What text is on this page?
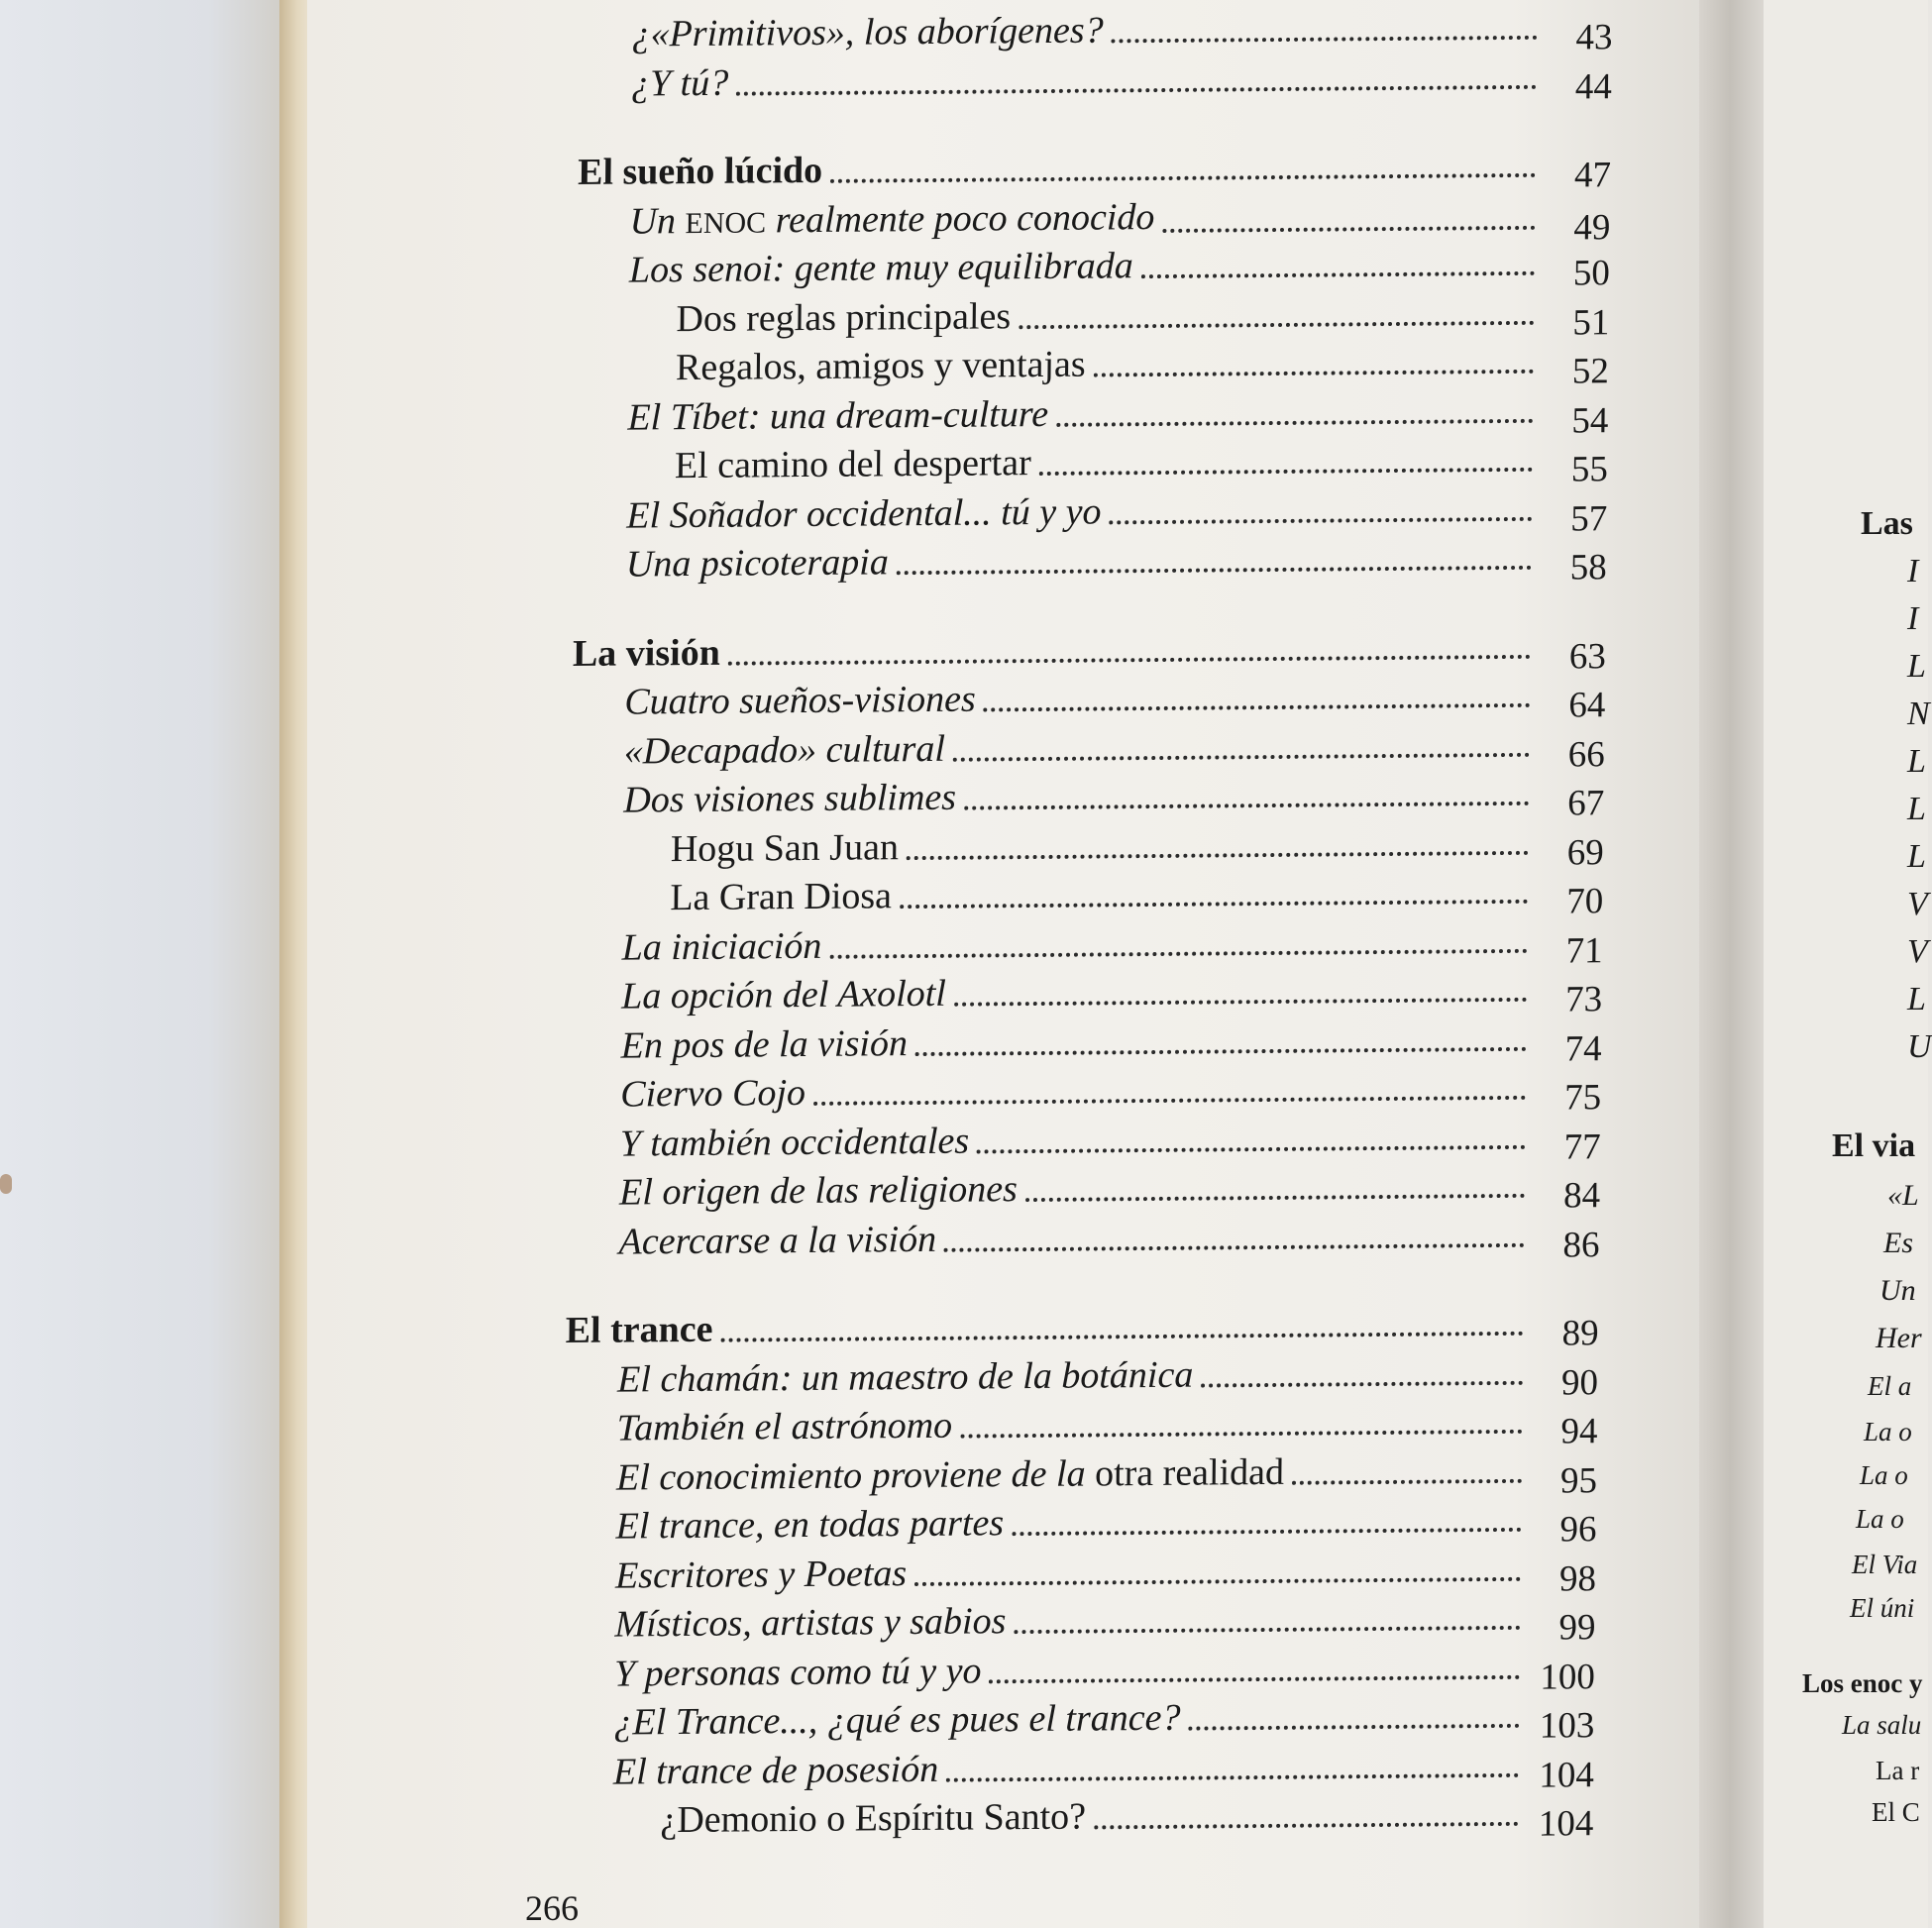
¿«Primitivos», los aborígenes?	43
¿Y tú?	44
El sueño lúcido	47
Un ENOC realmente poco conocido	49
Los senoi: gente muy equilibrada	50
Dos reglas principales	51
Regalos, amigos y ventajas	52
El Tíbet: una dream-culture	54
El camino del despertar	55
El Soñador occidental... tú y yo	57
Una psicoterapia	58
La visión	63
Cuatro sueños-visiones	64
«Decapado» cultural	66
Dos visiones sublimes	67
Hogu San Juan	69
La Gran Diosa	70
La iniciación	71
La opción del Axolotl	73
En pos de la visión	74
Ciervo Cojo	75
Y también occidentales	77
El origen de las religiones	84
Acercarse a la visión	86
El trance	89
El chamán: un maestro de la botánica	90
También el astrónomo	94
El conocimiento proviene de la otra realidad	95
El trance, en todas partes	96
Escritores y Poetas	98
Místicos, artistas y sabios	99
Y personas como tú y yo	100
¿El Trance..., ¿qué es pues el trance?	103
El trance de posesión	104
¿Demonio o Espíritu Santo?	104
266
Las
I
I
L
N
L
L
L
V
V
L
U
El via
«L
Es
Un
Her
El a
La o
La o
La o
El Via
El úni
Los enoc y
La salu
La r
El C
